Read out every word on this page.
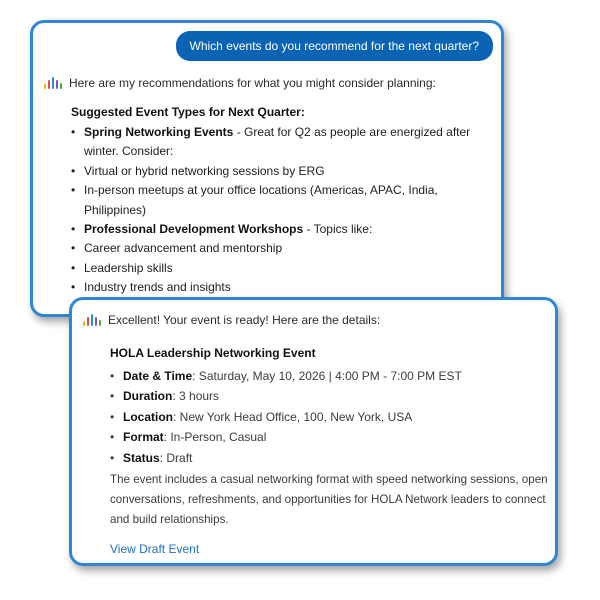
Which events do you recommend for the next quarter?
Here are my recommendations for what you might consider planning:
Suggested Event Types for Next Quarter:
• Spring Networking Events - Great for Q2 as people are energized after winter. Consider:
• Virtual or hybrid networking sessions by ERG
• In-person meetups at your office locations (Americas, APAC, India, Philippines)
• Professional Development Workshops - Topics like:
• Career advancement and mentorship
• Leadership skills
• Industry trends and insights
•
Excellent! Your event is ready! Here are the details:
HOLA Leadership Networking Event
• Date & Time: Saturday, May 10, 2026 | 4:00 PM - 7:00 PM EST
• Duration: 3 hours
• Location: New York Head Office, 100, New York, USA
• Format: In-Person, Casual
• Status: Draft
The event includes a casual networking format with speed networking sessions, open conversations, refreshments, and opportunities for HOLA Network leaders to connect and build relationships.
View Draft Event
